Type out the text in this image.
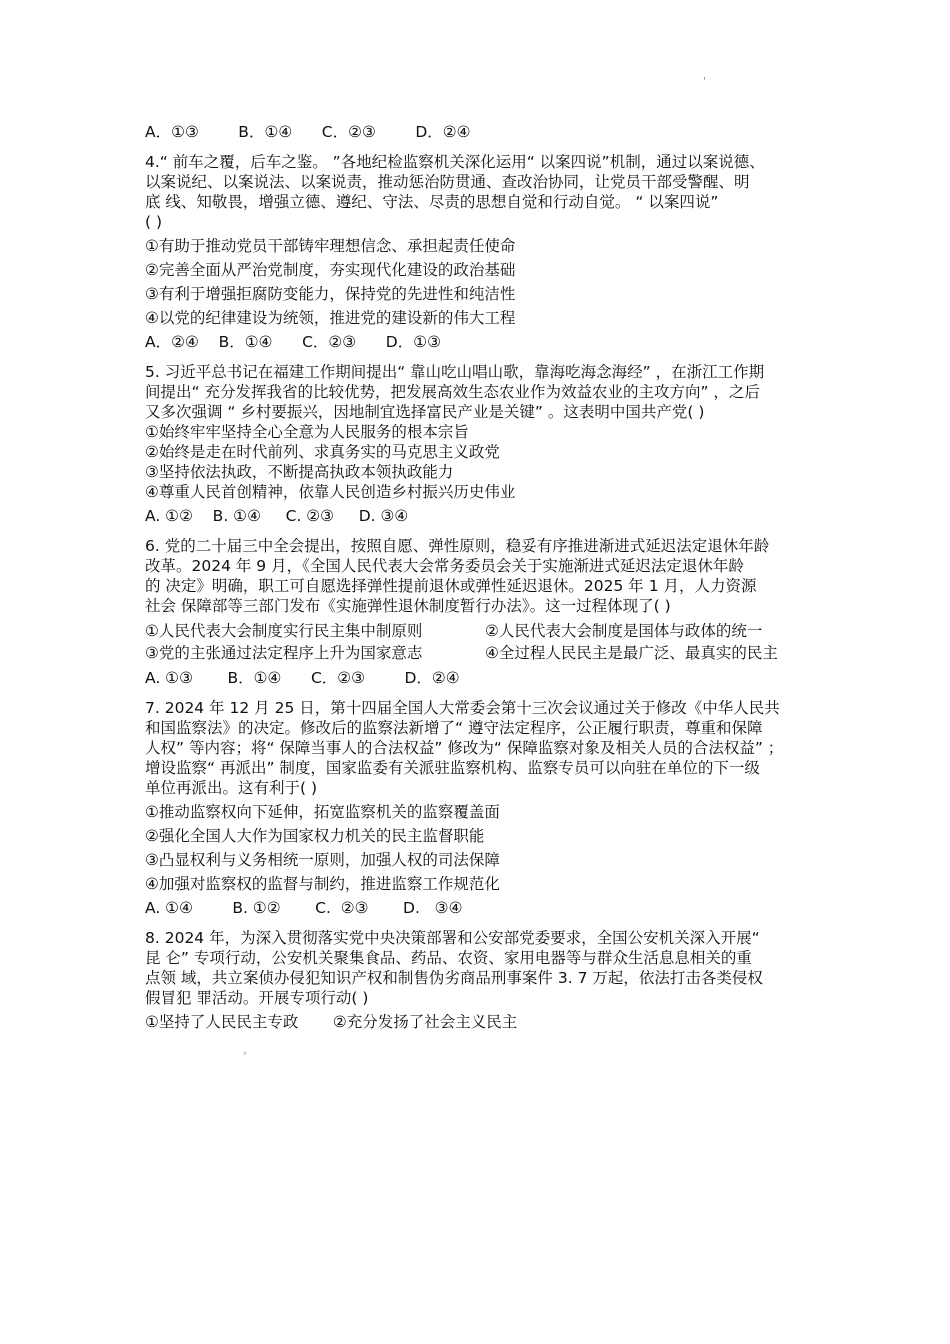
'
A．①③        B．①④      C．②③        D．②④
4.“ 前车之覆，后车之鉴。 ”各地纪检监察机关深化运用“ 以案四说”机制，通过以案说德、
以案说纪、以案说法、以案说责，推动惩治防贯通、查改治协同，让党员干部受警醒、明
底 线、知敬畏，增强立德、遵纪、守法、尽责的思想自觉和行动自觉。 “ 以案四说”
( )
①有助于推动党员干部铸牢理想信念、承担起责任使命
②完善全面从严治党制度，夯实现代化建设的政治基础
③有利于增强拒腐防变能力，保持党的先进性和纯洁性
④以党的纪律建设为统领，推进党的建设新的伟大工程
A．②④    B．①④      C．②③      D．①③
5. 习近平总书记在福建工作期间提出“ 靠山吃山唱山歌，靠海吃海念海经” ，在浙江工作期
间提出“ 充分发挥我省的比较优势，把发展高效生态农业作为效益农业的主攻方向” ，之后
又多次强调 “ 乡村要振兴，因地制宜选择富民产业是关键” 。这表明中国共产党( )
①始终牢牢坚持全心全意为人民服务的根本宗旨
②始终是走在时代前列、求真务实的马克思主义政党
③坚持依法执政，不断提高执政本领执政能力
④尊重人民首创精神，依靠人民创造乡村振兴历史伟业
A. ①②    B. ①④     C. ②③     D. ③④
6. 党的二十届三中全会提出，按照自愿、弹性原则，稳妥有序推进渐进式延迟法定退休年龄
改革。2024 年 9 月，《全国人民代表大会常务委员会关于实施渐进式延迟法定退休年龄
的 决定》明确，职工可自愿选择弹性提前退休或弹性延迟退休。2025 年 1 月，人力资源
社会 保障部等三部门发布《实施弹性退休制度暂行办法》。这一过程体现了( )
①人民代表大会制度实行民主集中制原则	②人民代表大会制度是国体与政体的统一
③党的主张通过法定程序上升为国家意志	④全过程人民民主是最广泛、最真实的民主
A. ①③       B．①④      C．②③        D．②④
7. 2024 年 12 月 25 日，第十四届全国人大常委会第十三次会议通过关于修改《中华人民共
和国监察法》的决定。修改后的监察法新增了“ 遵守法定程序，公正履行职责，尊重和保障
人权” 等内容；将“ 保障当事人的合法权益” 修改为“ 保障监察对象及相关人员的合法权益” ；
增设监察“ 再派出” 制度，国家监委有关派驻监察机构、监察专员可以向驻在单位的下一级
单位再派出。这有利于( )
①推动监察权向下延伸，拓宽监察机关的监察覆盖面
②强化全国人大作为国家权力机关的民主监督职能
③凸显权利与义务相统一原则，加强人权的司法保障
④加强对监察权的监督与制约，推进监察工作规范化
A. ①④        B. ①②       C.  ②③       D.   ③④
8. 2024 年，为深入贯彻落实党中央决策部署和公安部党委要求，全国公安机关深入开展“
昆 仑” 专项行动，公安机关聚集食品、药品、农资、家用电器等与群众生活息息相关的重
点领 域，共立案侦办侵犯知识产权和制售伪劣商品刑事案件 3. 7 万起，依法打击各类侵权
假冒犯 罪活动。开展专项行动( )
①坚持了人民民主专政       ②充分发扬了社会主义民主
。
